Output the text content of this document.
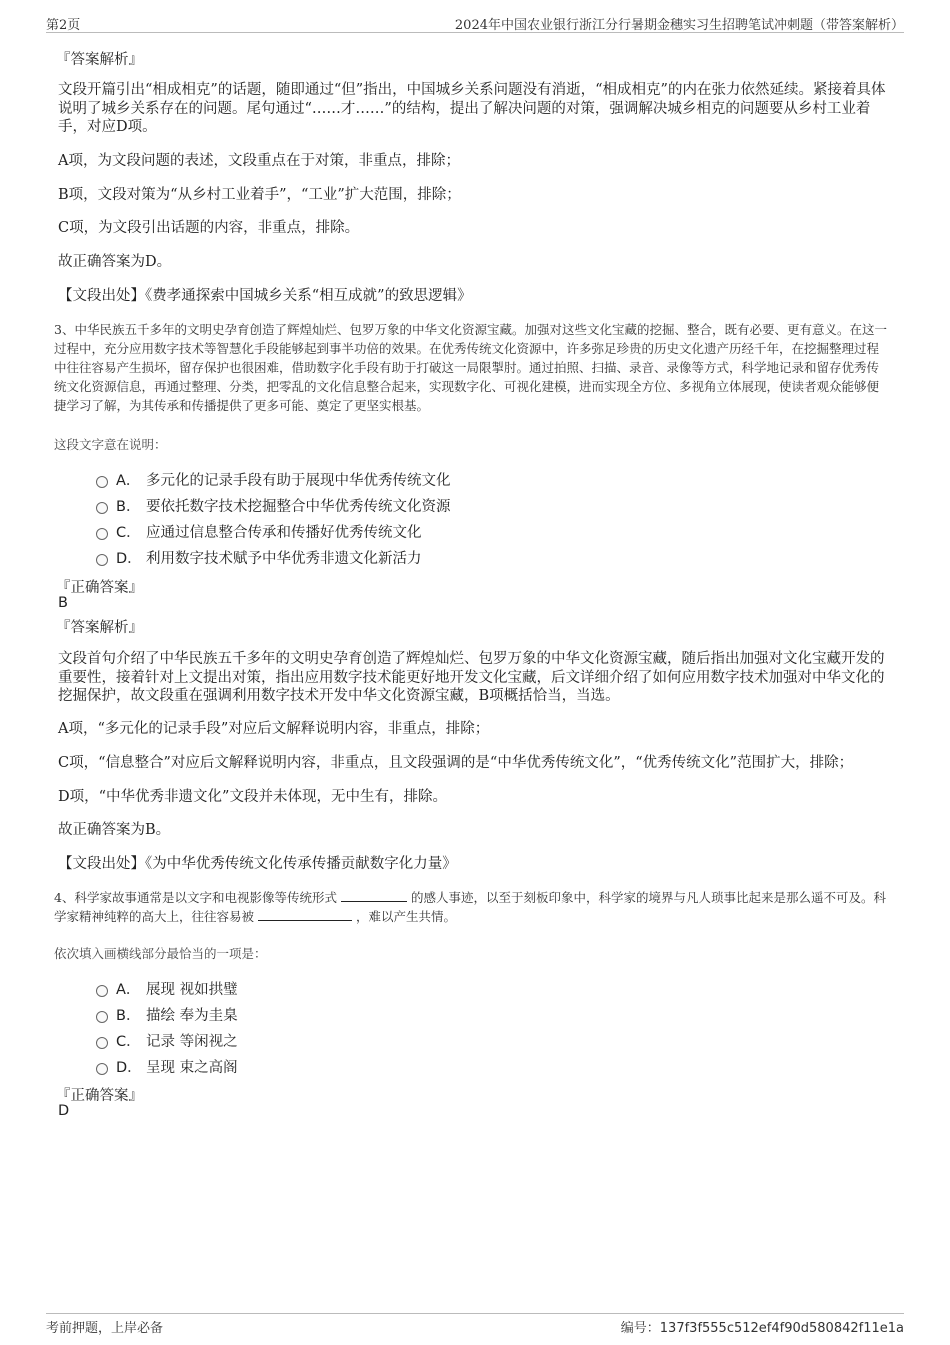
第2页	2024年中国农业银行浙江分行暑期金穗实习生招聘笔试冲刺题（带答案解析）
『答案解析』
文段开篇引出“相成相克”的话题，随即通过“但”指出，中国城乡关系问题没有消逝，“相成相克”的内在张力依然延续。紧接着具体说明了城乡关系存在的问题。尾句通过“……才……”的结构，提出了解决问题的对策，强调解决城乡相克的问题要从乡村工业着手，对应D项。
A项，为文段问题的表述，文段重点在于对策，非重点，排除；
B项，文段对策为“从乡村工业着手”，“工业”扩大范围，排除；
C项，为文段引出话题的内容，非重点，排除。
故正确答案为D。
【文段出处】《费孝通探索中国城乡关系“相互成就”的致思逻辑》
3、中华民族五千多年的文明史孕育创造了辉煌灿烂、包罗万象的中华文化资源宝藏。加强对这些文化宝藏的挖掘、整合，既有必要、更有意义。在这一过程中，充分应用数字技术等智慧化手段能够起到事半功倍的效果。在优秀传统文化资源中，许多弥足珍贵的历史文化遗产历经千年，在挖掘整理过程中往往容易产生损坏，留存保护也很困难，借助数字化手段有助于打破这一局限掣肘。通过拍照、扫描、录音、录像等方式，科学地记录和留存优秀传统文化资源信息，再通过整理、分类，把零乱的文化信息整合起来，实现数字化、可视化建模，进而实现全方位、多视角立体展现，使读者观众能够便捷学习了解，为其传承和传播提供了更多可能、奠定了更坚实根基。
这段文字意在说明：
A． 多元化的记录手段有助于展现中华优秀传统文化
B． 要依托数字技术挖掘整合中华优秀传统文化资源
C． 应通过信息整合传承和传播好优秀传统文化
D． 利用数字技术赋予中华优秀非遗文化新活力
『正确答案』
B
『答案解析』
文段首句介绍了中华民族五千多年的文明史孕育创造了辉煌灿烂、包罗万象的中华文化资源宝藏，随后指出加强对文化宝藏开发的重要性，接着针对上文提出对策，指出应用数字技术能更好地开发文化宝藏，后文详细介绍了如何应用数字技术加强对中华文化的挖掘保护，故文段重在强调利用数字技术开发中华文化资源宝藏，B项概括恰当，当选。
A项，“多元化的记录手段”对应后文解释说明内容，非重点，排除；
C项，“信息整合”对应后文解释说明内容，非重点，且文段强调的是“中华优秀传统文化”，“优秀传统文化”范围扩大，排除；
D项，“中华优秀非遗文化”文段并未体现，无中生有，排除。
故正确答案为B。
【文段出处】《为中华优秀传统文化传承传播贡献数字化力量》
4、科学家故事通常是以文字和电视影像等传统形式	的感人事迹，以至于刻板印象中，科学家的境界与凡人琐事比起来是那么遥不可及。科学家精神纯粹的高大上，往往容易被	，难以产生共情。
依次填入画横线部分最恰当的一项是：
A． 展现 视如拱璧
B． 描绘 奉为圭臬
C． 记录 等闲视之
D． 呈现 束之高阁
『正确答案』
D
考前押题，上岸必备	编号：137f3f555c512ef4f90d580842f11e1a
